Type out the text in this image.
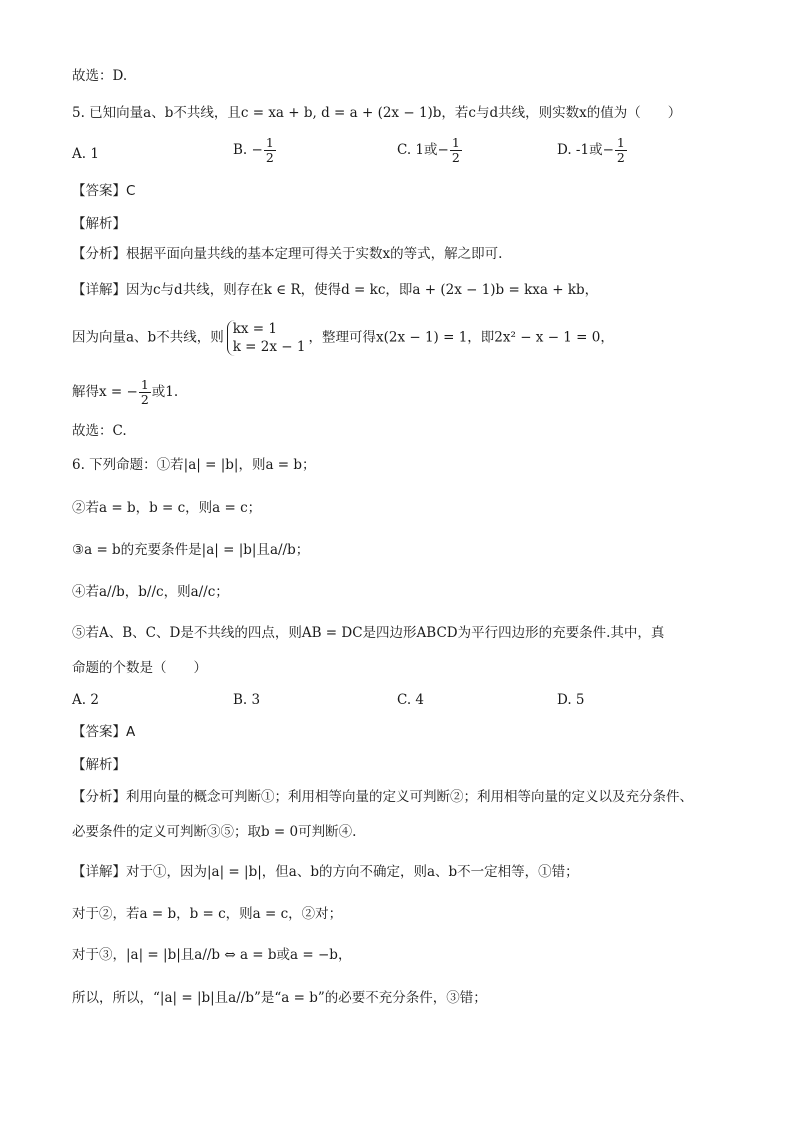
故选：D.
5. 已知向量a、b不共线，且c = xa + b, d = a + (2x − 1)b，若c与d共线，则实数x的值为（　　）
A. 1	B. − $\frac{1}{2}$	C. 1或− $\frac{1}{2}$	D. -1或− $\frac{1}{2}$
【答案】C
【解析】
【分析】根据平面向量共线的基本定理可得关于实数x的等式，解之即可.
【详解】因为c与d共线，则存在k ∈ R，使得d = kc，即a + (2x − 1)b = kxa + kb，
因为向量a、b不共线，则
kx = 1
k = 2x − 1
，整理可得x(2x − 1) = 1，即2x² − x − 1 = 0，
解得x = − $\frac{1}{2}$ 或1.
故选：C.
6. 下列命题：①若|a| = |b|，则a = b；
②若a = b，b = c，则a = c；
③a = b的充要条件是|a| = |b|且a//b；
④若a//b，b//c，则a//c；
⑤若A、B、C、D是不共线的四点，则AB = DC是四边形ABCD为平行四边形的充要条件.其中，真
命题的个数是（　　）
A. 2	B. 3	C. 4	D. 5
【答案】A
【解析】
【分析】利用向量的概念可判断①；利用相等向量的定义可判断②；利用相等向量的定义以及充分条件、
必要条件的定义可判断③⑤；取b = 0可判断④.
【详解】对于①，因为|a| = |b|，但a、b的方向不确定，则a、b不一定相等，①错；
对于②，若a = b，b = c，则a = c，②对；
对于③，|a| = |b|且a//b ⇔ a = b或a = −b，
所以，所以，“|a| = |b|且a//b”是“a = b”的必要不充分条件，③错；
